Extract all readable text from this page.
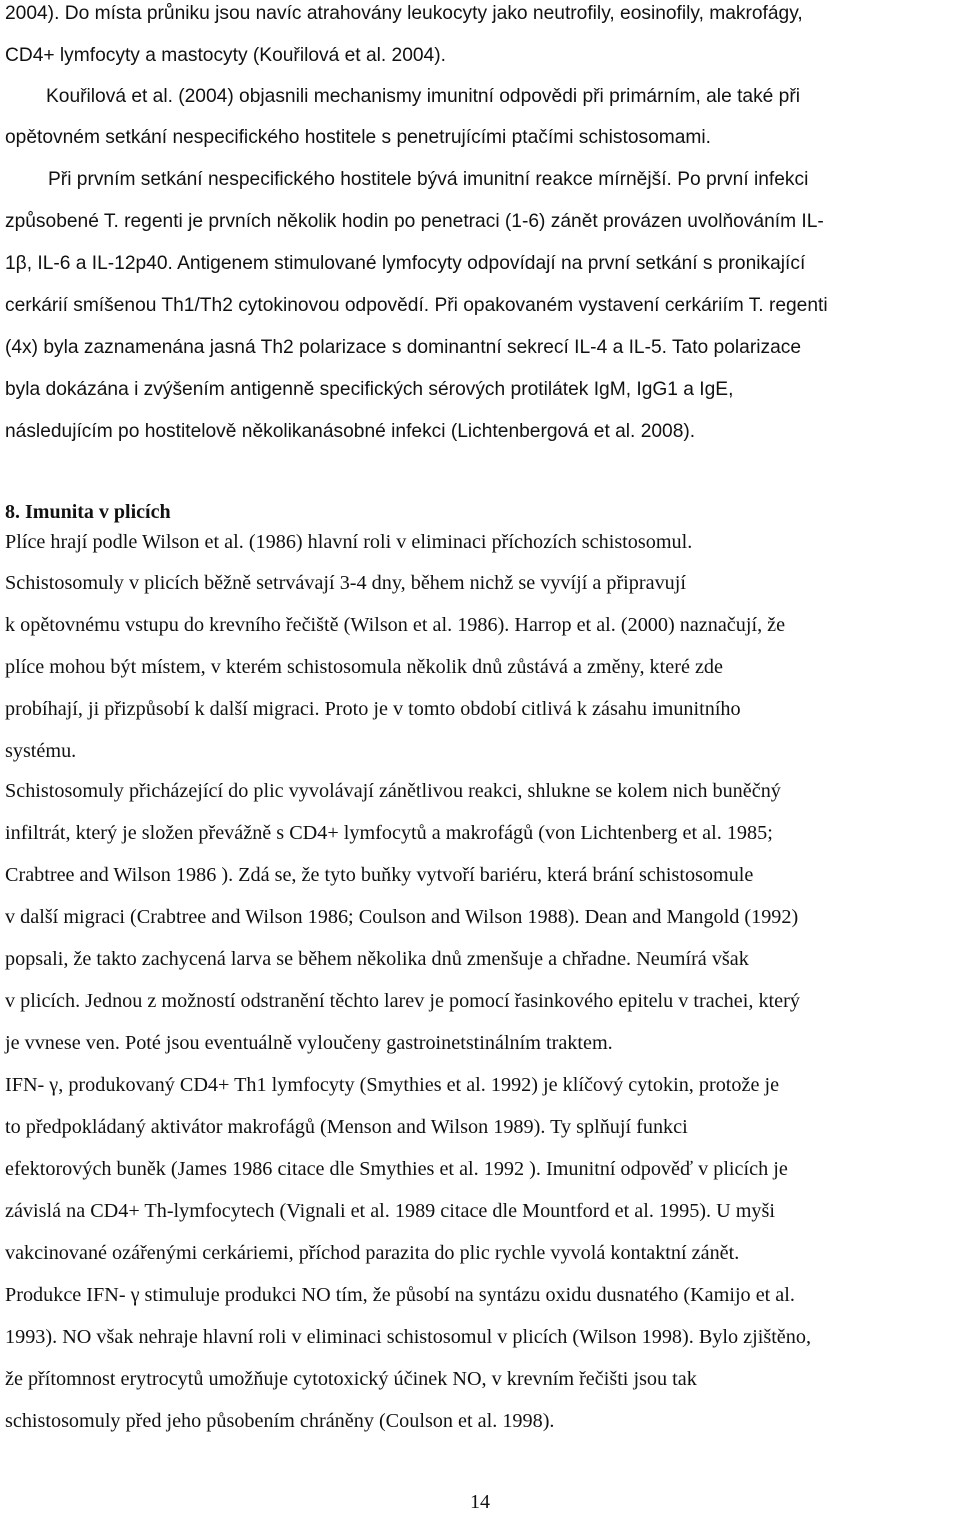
2004). Do místa průniku jsou navíc atrahovány leukocyty jako neutrofily, eosinofily, makrofágy,

CD4+ lymfocyty a mastocyty (Kouřilová et al. 2004).

Kouřilová et al. (2004) objasnili mechanismy imunitní odpovědi při primárním, ale také při

opětovném setkání nespecifického hostitele s penetrujícími ptačími schistosomami.

Při prvním setkání nespecifického hostitele bývá imunitní reakce mírnější. Po první infekci

způsobené T. regenti je prvních několik hodin po penetraci (1-6) zánět provázen uvolňováním IL-

1β, IL-6 a IL-12p40. Antigenem stimulované lymfocyty odpovídají na první setkání s pronikající

cerkárií smíšenou Th1/Th2 cytokinovou odpovědí. Při opakovaném vystavení cerkáriím T. regenti

(4x) byla zaznamenána jasná Th2 polarizace s dominantní sekrecí IL-4 a IL-5. Tato polarizace

byla dokázána i zvýšením antigenně specifických sérových protilátek IgM, IgG1 a IgE,

následujícím po hostitelově několikanásobné infekci (Lichtenbergová et al. 2008).

8. Imunita v plicích

Plíce hrají podle Wilson et al. (1986) hlavní roli v eliminaci příchozích schistosomul.

Schistosomuly v plicích běžně setrvávají 3-4 dny, během nichž se vyvíjí a připravují

k opětovnému vstupu do krevního řečiště (Wilson et al. 1986). Harrop et al. (2000) naznačují, že

plíce mohou být místem, v kterém schistosomula několik dnů zůstává a změny, které zde

probíhají, ji přizpůsobí k další migraci. Proto je v tomto období citlivá k zásahu imunitního

systému.

Schistosomuly přicházející do plic vyvolávají zánětlivou reakci, shlukne se kolem nich buněčný

infiltrát, který je složen převážně s CD4+ lymfocytů a makrofágů (von Lichtenberg et al. 1985;

Crabtree and Wilson 1986 ). Zdá se, že tyto buňky vytvoří bariéru, která brání schistosomule

v další migraci (Crabtree and Wilson 1986; Coulson and Wilson 1988). Dean and Mangold (1992)

popsali, že takto zachycená larva se během několika dnů zmenšuje a chřadne. Neumírá však

v plicích. Jednou z možností odstranění těchto larev je pomocí řasinkového epitelu v trachei, který

je vvnese ven. Poté jsou eventuálně vyloučeny gastroinetstinálním traktem.

IFN- γ, produkovaný CD4+ Th1 lymfocyty (Smythies et al. 1992) je klíčový cytokin, protože je

to předpokládaný aktivátor makrofágů (Menson and Wilson 1989). Ty splňují funkci

efektorových buněk (James 1986 citace dle Smythies et al. 1992 ). Imunitní odpověď v plicích je

závislá na CD4+ Th-lymfocytech (Vignali et al. 1989 citace dle Mountford et al. 1995). U myši

vakcinované ozářenými cerkáriemi, příchod parazita do plic rychle vyvolá kontaktní zánět.

Produkce IFN- γ stimuluje produkci NO tím, že působí na syntázu oxidu dusnatého (Kamijo et al.

1993). NO však nehraje hlavní roli v eliminaci schistosomul v plicích (Wilson 1998). Bylo zjištěno,

že přítomnost erytrocytů umožňuje cytotoxický účinek NO, v krevním řečišti jsou tak

schistosomuly před jeho působením chráněny (Coulson et al. 1998).

14
